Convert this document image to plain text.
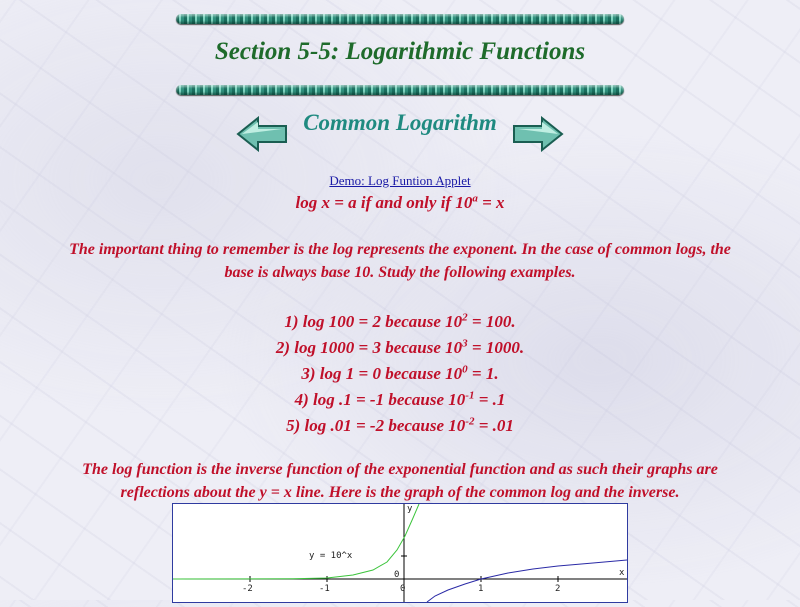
Section 5-5: Logarithmic Functions
Common Logarithm
Demo: Log Funtion Applet
log x = a if and only if $10^a = x$
The important thing to remember is the log represents the exponent. In the case of common logs, the
base is always base 10. Study the following examples.
1) log 100 = 2 because $10^2 = 100$.
2) log 1000 = 3 because $10^3 = 1000$.
3) log 1 = 0 because $10^0 = 1$.
4) log .1 = -1 because $10^{-1} = .1$
5) log .01 = -2 because $10^{-2} = .01$
The log function is the inverse function of the exponential function and as such their graphs are
reflections about the y = x line. Here is the graph of the common log and the inverse.
-2	-1	0	1	2
0
y
x
y = 10^x
